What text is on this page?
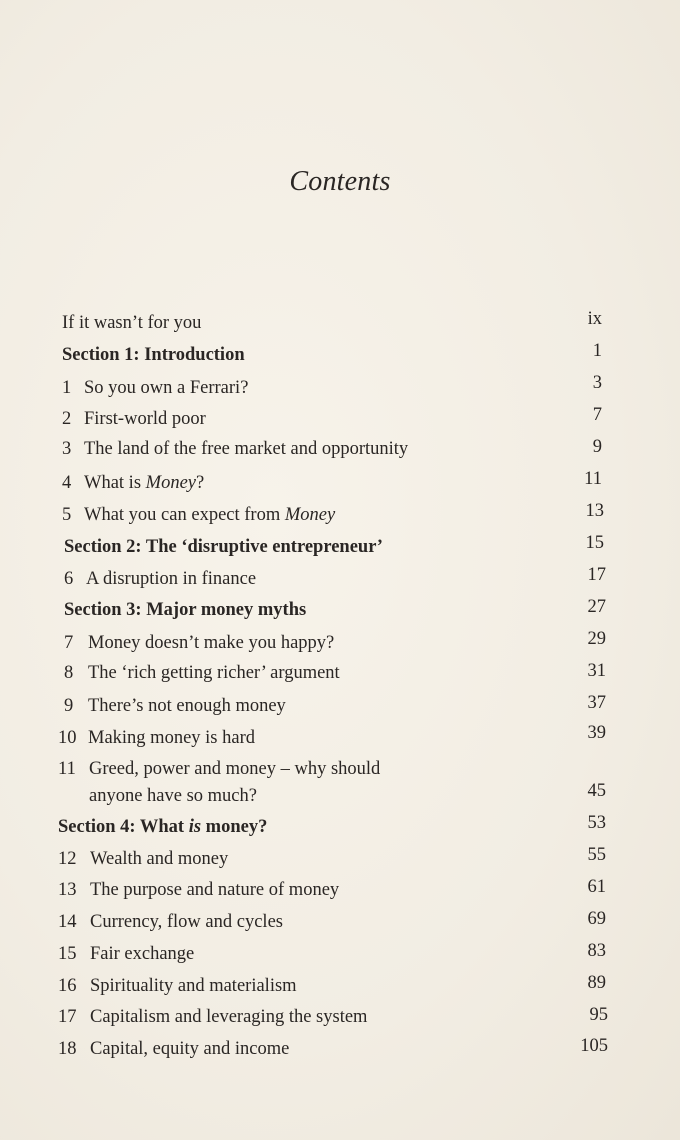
Contents
If it wasn’t for you	ix
Section 1: Introduction	1
1 So you own a Ferrari?	3
2 First-world poor	7
3 The land of the free market and opportunity	9
4 What is Money?	11
5 What you can expect from Money	13
Section 2: The ‘disruptive entrepreneur’	15
6 A disruption in finance	17
Section 3: Major money myths	27
7 Money doesn’t make you happy?	29
8 The ‘rich getting richer’ argument	31
9 There’s not enough money	37
10 Making money is hard	39
11 Greed, power and money – why should
anyone have so much?	45
Section 4: What is money?	53
12 Wealth and money	55
13 The purpose and nature of money	61
14 Currency, flow and cycles	69
15 Fair exchange	83
16 Spirituality and materialism	89
17 Capitalism and leveraging the system	95
18 Capital, equity and income	105
